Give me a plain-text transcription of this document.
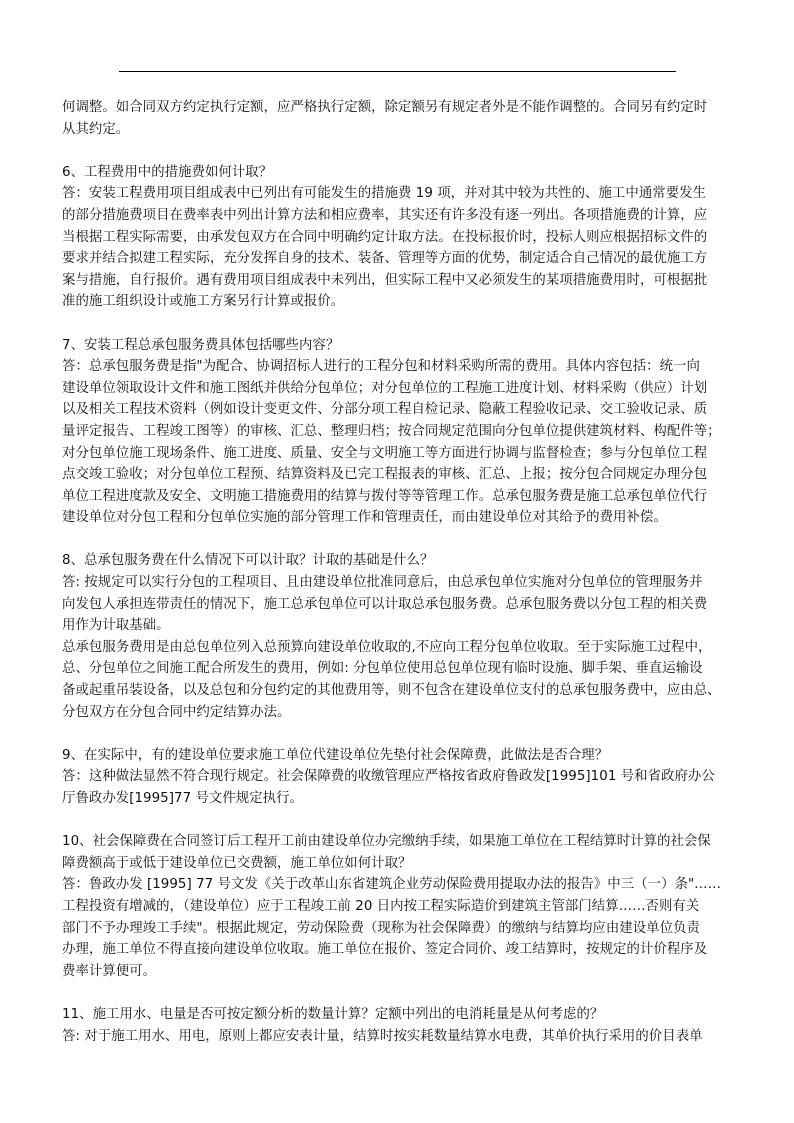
何调整。如合同双方约定执行定额，应严格执行定额，除定额另有规定者外是不能作调整的。合同另有约定时
从其约定。
6、工程费用中的措施费如何计取？
答：安装工程费用项目组成表中已列出有可能发生的措施费 19 项，并对其中较为共性的、施工中通常要发生
的部分措施费项目在费率表中列出计算方法和相应费率，其实还有许多没有逐一列出。各项措施费的计算，应
当根据工程实际需要，由承发包双方在合同中明确约定计取方法。在投标报价时，投标人则应根据招标文件的
要求并结合拟建工程实际，充分发挥自身的技术、装备、管理等方面的优势，制定适合自己情况的最优施工方
案与措施，自行报价。遇有费用项目组成表中未列出，但实际工程中又必须发生的某项措施费用时，可根据批
准的施工组织设计或施工方案另行计算或报价。
7、安装工程总承包服务费具体包括哪些内容？
答：总承包服务费是指"为配合、协调招标人进行的工程分包和材料采购所需的费用。具体内容包括：统一向
建设单位领取设计文件和施工图纸并供给分包单位；对分包单位的工程施工进度计划、材料采购（供应）计划
以及相关工程技术资料（例如设计变更文件、分部分项工程自检记录、隐蔽工程验收记录、交工验收记录、质
量评定报告、工程竣工图等）的审核、汇总、整理归档；按合同规定范围向分包单位提供建筑材料、构配件等；
对分包单位施工现场条件、施工进度、质量、安全与文明施工等方面进行协调与监督检查；参与分包单位工程
点交竣工验收；对分包单位工程预、结算资料及已完工程报表的审核、汇总、上报；按分包合同规定办理分包
单位工程进度款及安全、文明施工措施费用的结算与拨付等等管理工作。总承包服务费是施工总承包单位代行
建设单位对分包工程和分包单位实施的部分管理工作和管理责任，而由建设单位对其给予的费用补偿。
8、总承包服务费在什么情况下可以计取？计取的基础是什么？
答: 按规定可以实行分包的工程项目、且由建设单位批准同意后，由总承包单位实施对分包单位的管理服务并
向发包人承担连带责任的情况下，施工总承包单位可以计取总承包服务费。总承包服务费以分包工程的相关费
用作为计取基础。
总承包服务费用是由总包单位列入总预算向建设单位收取的,不应向工程分包单位收取。至于实际施工过程中，
总、分包单位之间施工配合所发生的费用，例如: 分包单位使用总包单位现有临时设施、脚手架、垂直运输设
备或起重吊装设备，以及总包和分包约定的其他费用等，则不包含在建设单位支付的总承包服务费中，应由总、
分包双方在分包合同中约定结算办法。
9、在实际中，有的建设单位要求施工单位代建设单位先垫付社会保障费，此做法是否合理？
答：这种做法显然不符合现行规定。社会保障费的收缴管理应严格按省政府鲁政发[1995]101 号和省政府办公
厅鲁政办发[1995]77 号文件规定执行。
10、社会保障费在合同签订后工程开工前由建设单位办完缴纳手续，如果施工单位在工程结算时计算的社会保
障费额高于或低于建设单位已交费额，施工单位如何计取？
答：鲁政办发 [1995] 77 号文发《关于改革山东省建筑企业劳动保险费用提取办法的报告》中三（一）条"……
工程投资有增减的，（建设单位）应于工程竣工前 20 日内按工程实际造价到建筑主管部门结算……否则有关
部门不予办理竣工手续"。根据此规定，劳动保险费（现称为社会保障费）的缴纳与结算均应由建设单位负责
办理，施工单位不得直接向建设单位收取。施工单位在报价、签定合同价、竣工结算时，按规定的计价程序及
费率计算便可。
11、施工用水、电量是否可按定额分析的数量计算？定额中列出的电消耗量是从何考虑的？
答: 对于施工用水、用电，原则上都应安表计量，结算时按实耗数量结算水电费，其单价执行采用的价目表单
